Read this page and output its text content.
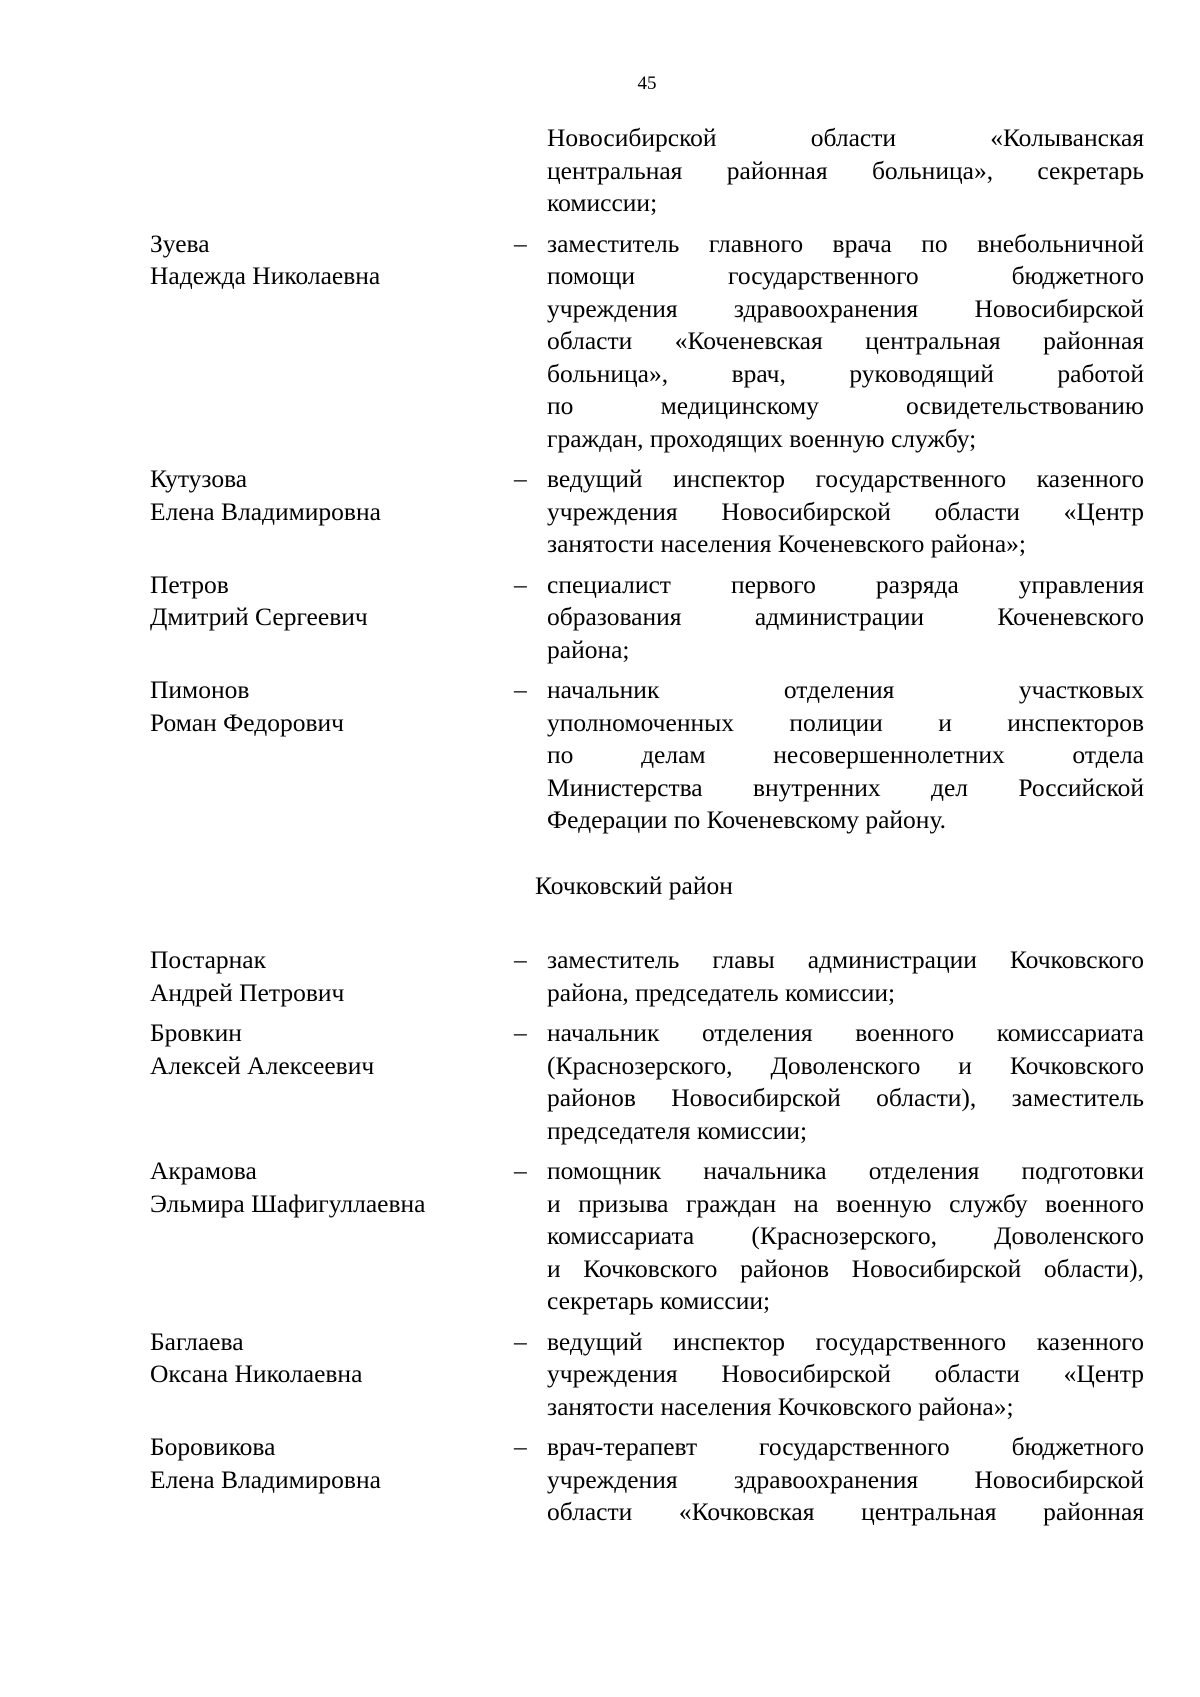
45
Новосибирской области «Колыванская
центральная районная больница», секретарь
комиссии;
Зуева
Надежда Николаевна
– заместитель главного врача по внебольничной
помощи государственного бюджетного
учреждения здравоохранения Новосибирской
области «Коченевская центральная районная
больница», врач, руководящий работой
по медицинскому освидетельствованию
граждан, проходящих военную службу;
Кутузова
Елена Владимировна
– ведущий инспектор государственного казенного
учреждения Новосибирской области «Центр
занятости населения Коченевского района»;
Петров
Дмитрий Сергеевич
– специалист первого разряда управления
образования администрации Коченевского
района;
Пимонов
Роман Федорович
– начальник отделения участковых
уполномоченных полиции и инспекторов
по делам несовершеннолетних отдела
Министерства внутренних дел Российской
Федерации по Коченевскому району.
Кочковский район
Постарнак
Андрей Петрович
– заместитель главы администрации Кочковского
района, председатель комиссии;
Бровкин
Алексей Алексеевич
– начальник отделения военного комиссариата
(Краснозерского, Доволенского и Кочковского
районов Новосибирской области), заместитель
председателя комиссии;
Акрамова
Эльмира Шафигуллаевна
– помощник начальника отделения подготовки
и призыва граждан на военную службу военного
комиссариата (Краснозерского, Доволенского
и Кочковского районов Новосибирской области),
секретарь комиссии;
Баглаева
Оксана Николаевна
– ведущий инспектор государственного казенного
учреждения Новосибирской области «Центр
занятости населения Кочковского района»;
Боровикова
Елена Владимировна
– врач-терапевт государственного бюджетного
учреждения здравоохранения Новосибирской
области «Кочковская центральная районная
